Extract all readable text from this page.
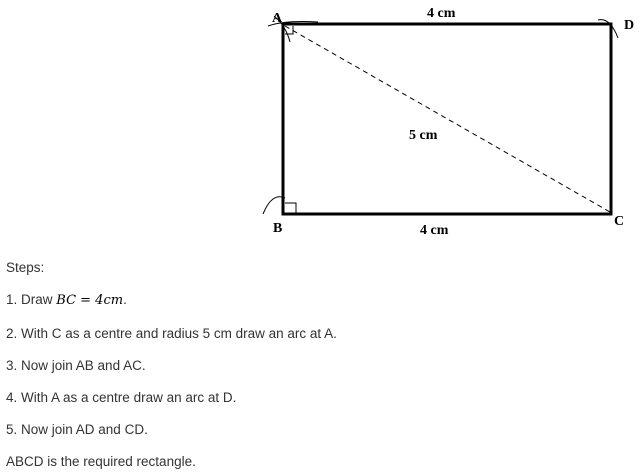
A
B	C
D
4 cm
5 cm
4 cm
Steps:
1. Draw BC = 4cm.
2. With C as a centre and radius 5 cm draw an arc at A.
3. Now join AB and AC.
4. With A as a centre draw an arc at D.
5. Now join AD and CD.
ABCD is the required rectangle.
